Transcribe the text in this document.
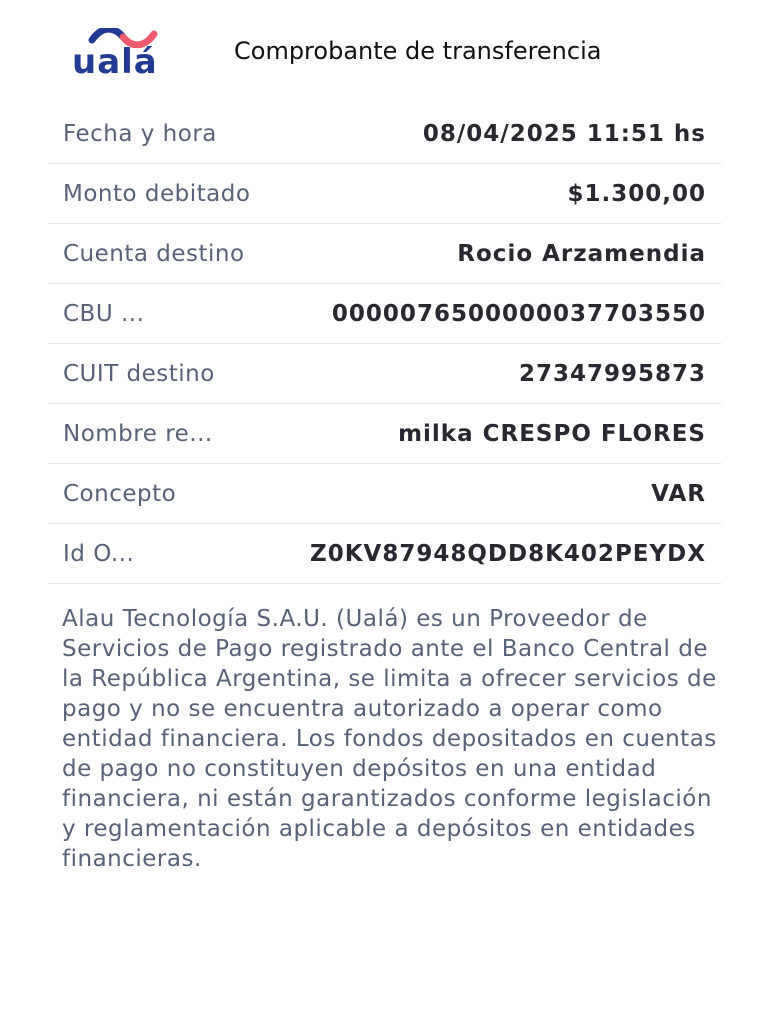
ualá	Comprobante de transferencia
Fecha y hora	08/04/2025 11:51 hs
Monto debitado	$1.300,00
Cuenta destino	Rocio Arzamendia
CBU ...	0000076500000037703550
CUIT destino	27347995873
Nombre re...	milka CRESPO FLORES
Concepto	VAR
Id O...	Z0KV87948QDD8K402PEYDX
Alau Tecnología S.A.U. (Ualá) es un Proveedor de Servicios de Pago registrado ante el Banco Central de la República Argentina, se limita a ofrecer servicios de pago y no se encuentra autorizado a operar como entidad financiera. Los fondos depositados en cuentas de pago no constituyen depósitos en una entidad financiera, ni están garantizados conforme legislación y reglamentación aplicable a depósitos en entidades financieras.
